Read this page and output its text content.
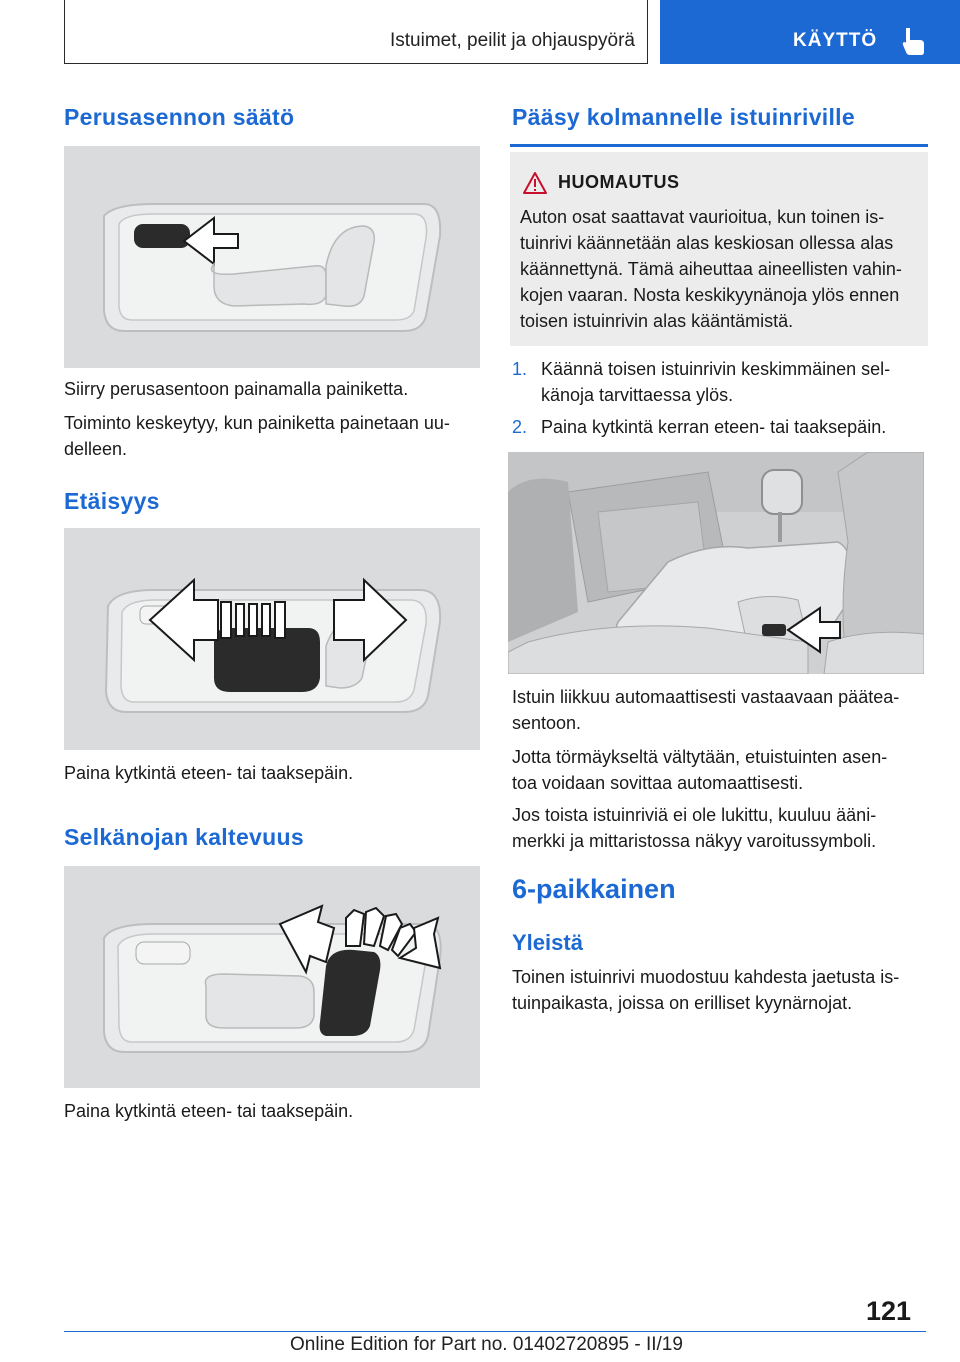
Istuimet, peilit ja ohjauspyörä	KÄYTTÖ
Perusasennon säätö

Siirry perusasentoon painamalla painiketta.

Toiminto keskeytyy, kun painiketta painetaan uu-

delleen.

Etäisyys

Paina kytkintä eteen- tai taaksepäin.

Selkänojan kaltevuus

Paina kytkintä eteen- tai taaksepäin.

Pääsy kolmannelle istuinriville
HUOMAUTUS
Auton osat saattavat vaurioitua, kun toinen is-
tuinrivi käännetään alas keskiosan ollessa alas
käännettynä. Tämä aiheuttaa aineellisten vahin-
kojen vaaran. Nosta keskikyynänoja ylös ennen
toisen istuinrivin alas kääntämistä.
1. Käännä toisen istuinrivin keskimmäinen sel-

känoja tarvittaessa ylös.

2. Paina kytkintä kerran eteen- tai taaksepäin.

Istuin liikkuu automaattisesti vastaavaan päätea-

sentoon.

Jotta törmäykseltä vältytään, etuistuinten asen-

toa voidaan sovittaa automaattisesti.

Jos toista istuinriviä ei ole lukittu, kuuluu ääni-

merkki ja mittaristossa näkyy varoitussymboli.

6-paikkainen
Yleistä

Toinen istuinrivi muodostuu kahdesta jaetusta is-

tuinpaikasta, joissa on erilliset kyynärnojat.

121
Online Edition for Part no. 01402720895 - II/19
